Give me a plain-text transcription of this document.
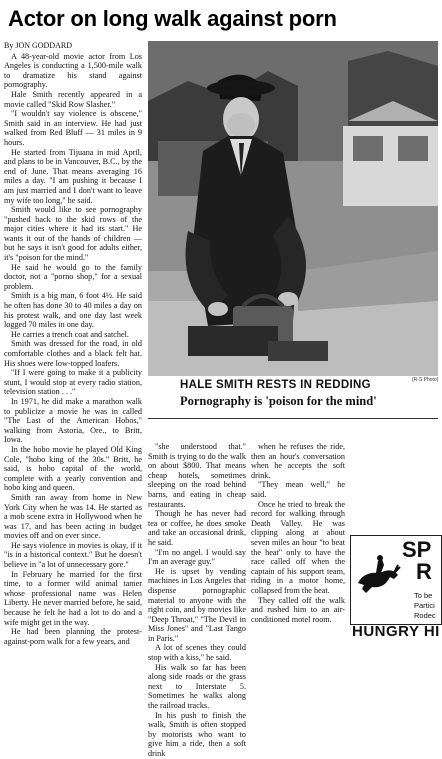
Actor on long walk against porn

By JON GODDARD

A 48-year-old movie actor from Los Angeles is conducting a 1,500-mile walk to dramatize his stand against pornography.

Hale Smith recently appeared in a movie called "Skid Row Slasher."

"I wouldn't say violence is obscene," Smith said in an interview. He had just walked from Red Bluff — 31 miles in 9 hours.

He started from Tijuana in mid April, and plans to be in Vancouver, B.C., by the end of June. That means averaging 16 miles a day. "I am pushing it because I am just married and I don't want to leave my wife too long," he said.

Smith would like to see pornography "pushed back to the skid rows of the major cities where it had its start." He wants it out of the hands of children — but he says it isn't good for adults either, it's "poison for the mind."

He said he would go to the family doctor, not a "porno shop," for a sexual problem.

Smith is a big man, 6 foot 4½. He said he often has done 30 to 40 miles a day on his protest walk, and one day last week logged 70 miles in one day.

He carries a trench coat and satchel.

Smith was dressed for the road, in old comfortable clothes and a black felt hat. His shoes were low-topped loafers.

"If I were going to make it a publicity stunt, I would stop at every radio station, television station . . ."

In 1971, he did make a marathon walk to publicize a movie he was in called "The Last of the American Hobos," walking from Astoria, Ore., to Britt, Iowa.

In the hobo movie he played Old King Cole, "hobo king of the 30s." Britt, he said, is hobo capital of the world, complete with a yearly convention and hobo king and queen.

Smith ran away from home in New York City when he was 14. He started as a mob scene extra in Hollywood when he was 17, and has been acting in budget movies off and on ever since.

He says violence in movies is okay, if it "is in a historical context." But he doesn't believe in "a lot of unnecessary gore."

In February he married for the first time, to a former wild animal tamer whose professional name was Helen Liberty. He never married before, he said, because he felt he had a lot to do and a wife might get in the way.

He had been planning the protest-against-porn walk for a few years, and

(R-S Photo)
HALE SMITH RESTS IN REDDING
Pornography is 'poison for the mind'

"she understood that." Smith is trying to do the walk on about $800. That means cheap hotels, sometimes sleeping on the road behind barns, and eating in cheap restaurants.

Though he has never had tea or coffee, he does smoke and take an occasional drink, he said.

"I'm no angel. I would say I'm an average guy."

He is upset by vending machines in Los Angeles that dispense pornographic material to anyone with the right coin, and by movies like "Deep Throat," "The Devil in Miss Jones" and "Last Tango in Paris."

A lot of scenes they could stop with a kiss," he said.

His walk so far has been along side roads or the grass next to Interstate 5. Sometimes he walks along the railroad tracks.

In his push to finish the walk, Smith is often stopped by motorists who want to give him a ride, then a soft drink

when he refuses the ride, then an hour's conversation when he accepts the soft drink.

"They mean well," he said.

Once he tried to break the record for walking through Death Valley. He was clipping along at about seven miles an hour "to beat the heat" only to have the race called off when the captain of his support team, riding in a motor home, collapsed from the heat.

They called off the walk and rushed him to an air-conditioned motel room.

SP
R
To be
Partici
Rodec
HUNGRY HI
